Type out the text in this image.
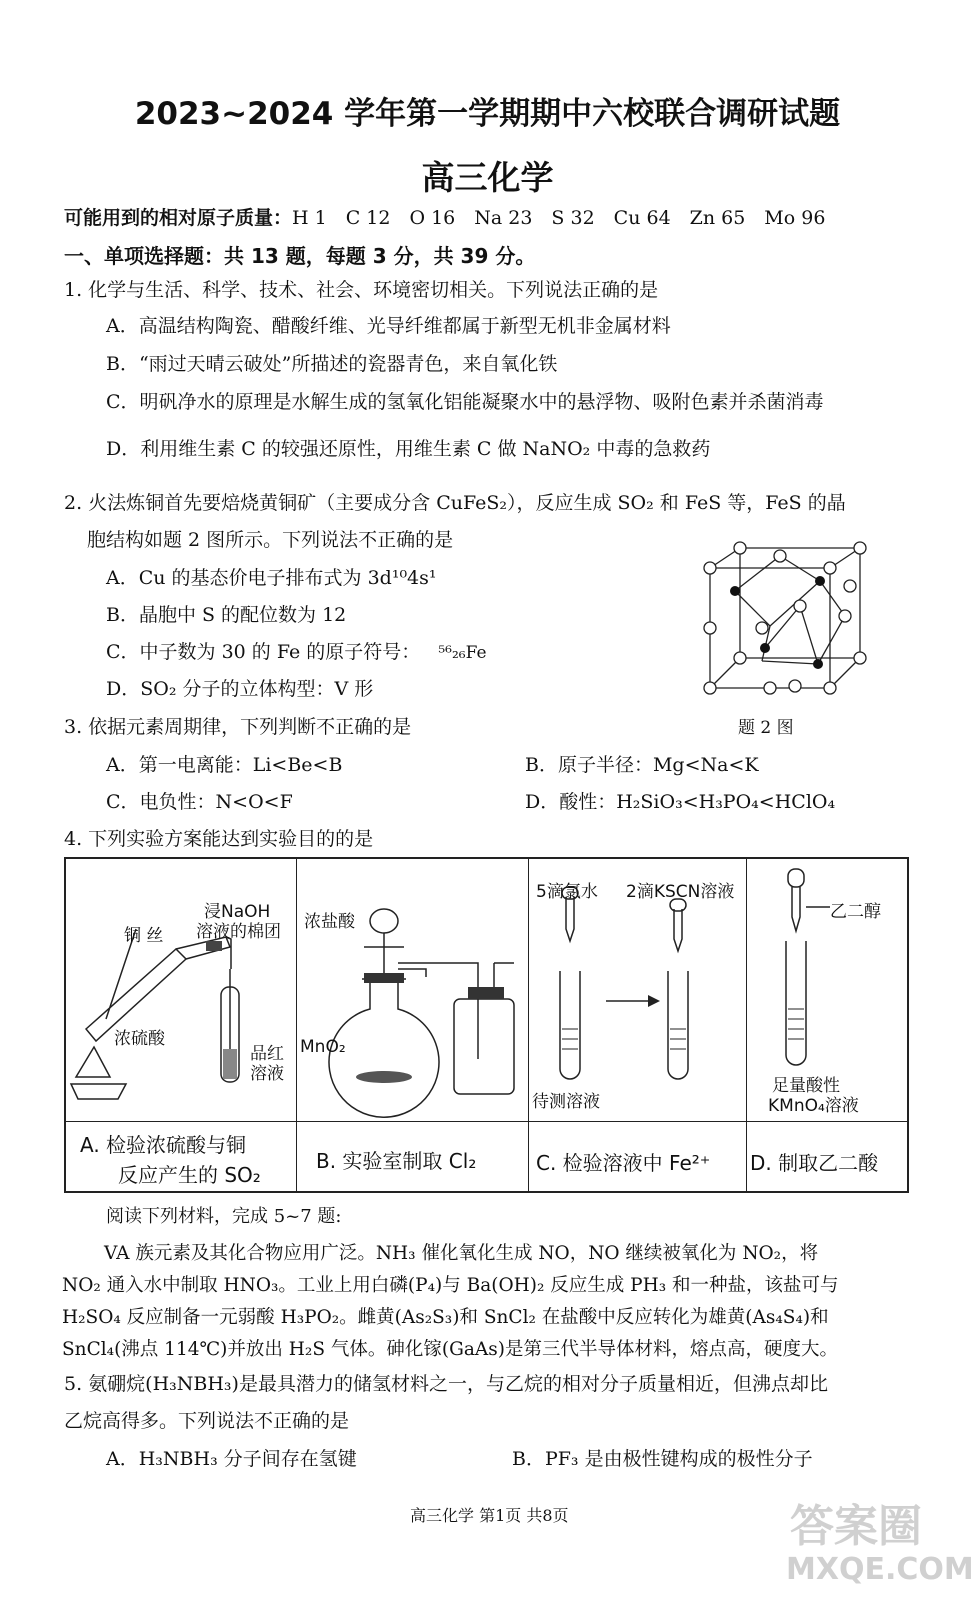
2023~2024 学年第一学期期中六校联合调研试题
高三化学
可能用到的相对原子质量：H 1　C 12　O 16　Na 23　S 32　Cu 64　Zn 65　Mo 96
一、单项选择题：共 13 题，每题 3 分，共 39 分。
1. 化学与生活、科学、技术、社会、环境密切相关。下列说法正确的是
A．高温结构陶瓷、醋酸纤维、光导纤维都属于新型无机非金属材料
B．“雨过天晴云破处”所描述的瓷器青色，来自氧化铁
C．明矾净水的原理是水解生成的氢氧化铝能凝聚水中的悬浮物、吸附色素并杀菌消毒
D．利用维生素 C 的较强还原性，用维生素 C 做 NaNO₂ 中毒的急救药
2. 火法炼铜首先要焙烧黄铜矿（主要成分含 CuFeS₂），反应生成 SO₂ 和 FeS 等，FeS 的晶
胞结构如题 2 图所示。下列说法不正确的是
A．Cu 的基态价电子排布式为 3d¹⁰4s¹
B．晶胞中 S 的配位数为 12
C．中子数为 30 的 Fe 的原子符号： ⁵⁶₂₆Fe
D．SO₂ 分子的立体构型：V 形
题 2 图
3. 依据元素周期律，下列判断不正确的是
A．第一电离能：Li<Be<B	B．原子半径：Mg<Na<K
C．电负性：N<O<F	D．酸性：H₂SiO₃<H₃PO₄<HClO₄
4. 下列实验方案能达到实验目的的是
浸NaOH
溶液的棉团
铜 丝
浓硫酸
品红
溶液
浓盐酸
MnO₂
5滴氯水 2滴KSCN溶液
待测溶液
乙二醇
足量酸性
KMnO₄溶液
A. 检验浓硫酸与铜
反应产生的 SO₂
B. 实验室制取 Cl₂	C. 检验溶液中 Fe²⁺ D. 制取乙二酸
阅读下列材料，完成 5~7 题:
VA 族元素及其化合物应用广泛。NH₃ 催化氧化生成 NO，NO 继续被氧化为 NO₂，将
NO₂ 通入水中制取 HNO₃。工业上用白磷(P₄)与 Ba(OH)₂ 反应生成 PH₃ 和一种盐，该盐可与
H₂SO₄ 反应制备一元弱酸 H₃PO₂。雌黄(As₂S₃)和 SnCl₂ 在盐酸中反应转化为雄黄(As₄S₄)和
SnCl₄(沸点 114℃)并放出 H₂S 气体。砷化镓(GaAs)是第三代半导体材料，熔点高，硬度大。
5. 氨硼烷(H₃NBH₃)是最具潜力的储氢材料之一，与乙烷的相对分子质量相近，但沸点却比
乙烷高得多。下列说法不正确的是
A．H₃NBH₃ 分子间存在氢键	B．PF₃ 是由极性键构成的极性分子
高三化学 第1页 共8页	答案圈
MXQE.COM
